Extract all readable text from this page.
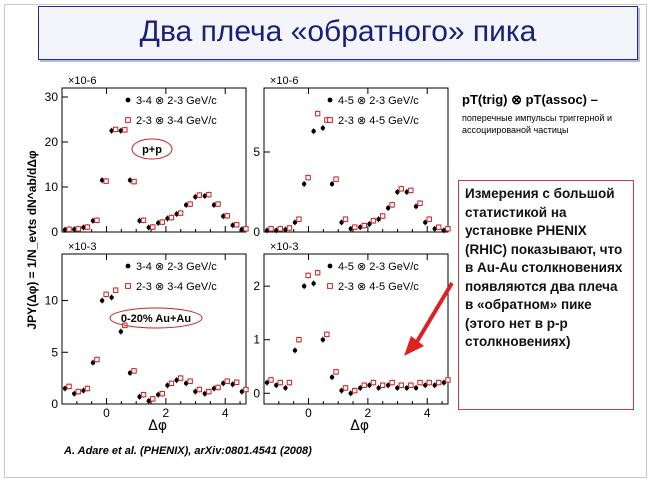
Два плеча «обратного» пика
JPY(Δφ) = 1/N_evts dN^ab/dΔφ
×10-6
0
10
20
30	3-4 ⊗ 2-3 GeV/c
2-3 ⊗ 3-4 GeV/c
p+p
×10-6
0
5
4-5 ⊗ 2-3 GeV/c
2-3 ⊗ 4-5 GeV/c
×10-3
0	2	4
0
5
10
Δφ
3-4 ⊗ 2-3 GeV/c
2-3 ⊗ 3-4 GeV/c
0-20% Au+Au
×10-3
0	2	4
0
1
2
Δφ
4-5 ⊗ 2-3 GeV/c
2-3 ⊗ 4-5 GeV/c
pT(trig) ⊗ pT(assoc) –
поперечные импульсы триггерной и ассоциированой частицы
Измерения с большой статистикой на установке PHENIX (RHIC) показывают, что в Au-Au столкновениях появляются два плеча в «обратном» пике (этого нет в p-p столкновениях)
A. Adare et al. (PHENIX), arXiv:0801.4541 (2008)
